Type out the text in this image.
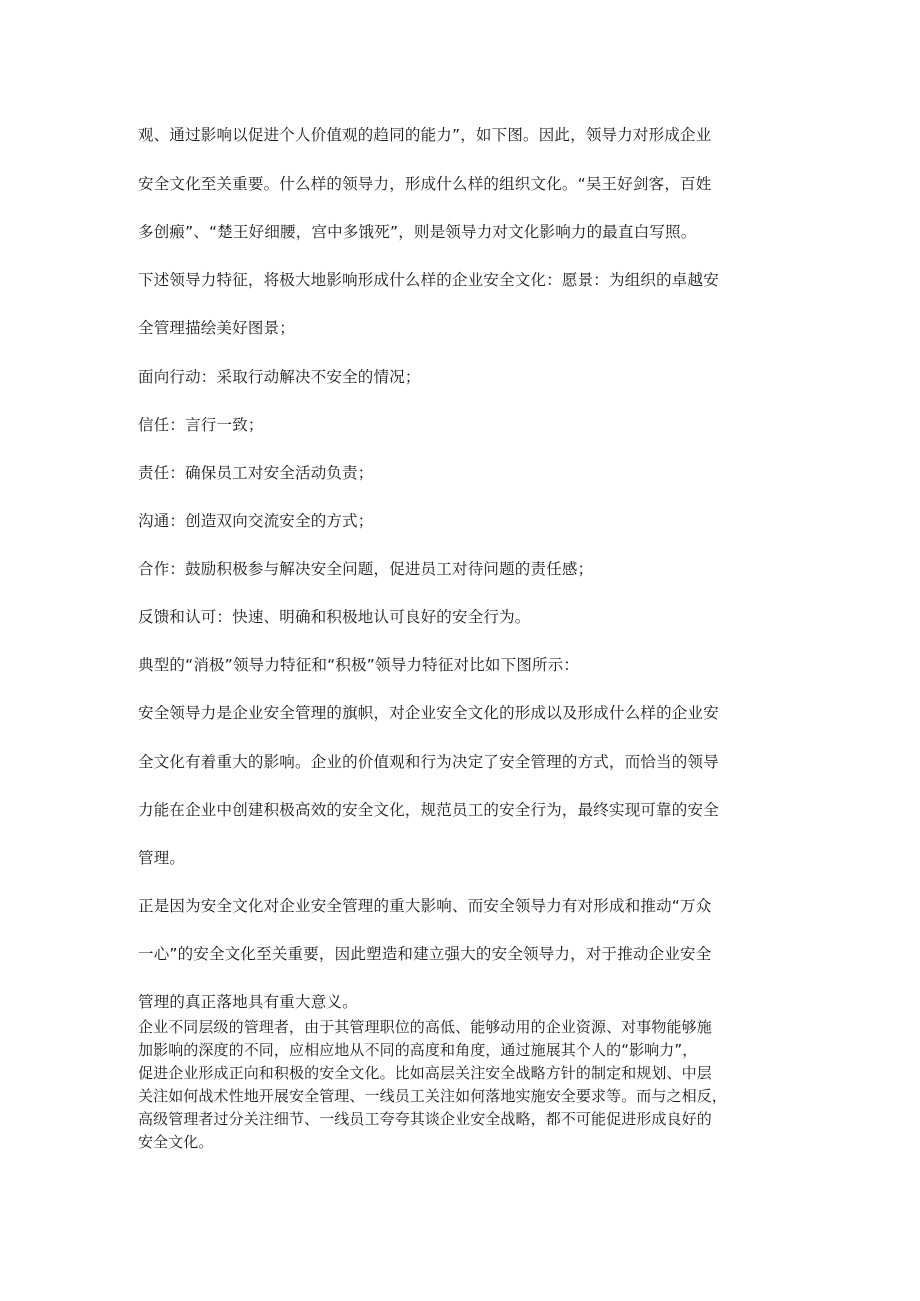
观、通过影响以促进个人价值观的趋同的能力”，如下图。因此，领导力对形成企业
安全文化至关重要。什么样的领导力，形成什么样的组织文化。“吴王好剑客，百姓
多创瘢”、“楚王好细腰，宫中多饿死”，则是领导力对文化影响力的最直白写照。
下述领导力特征，将极大地影响形成什么样的企业安全文化：愿景：为组织的卓越安
全管理描绘美好图景；
面向行动：采取行动解决不安全的情况；
信任：言行一致；
责任：确保员工对安全活动负责；
沟通：创造双向交流安全的方式；
合作：鼓励积极参与解决安全问题，促进员工对待问题的责任感；
反馈和认可：快速、明确和积极地认可良好的安全行为。
典型的“消极”领导力特征和“积极”领导力特征对比如下图所示：
安全领导力是企业安全管理的旗帜，对企业安全文化的形成以及形成什么样的企业安
全文化有着重大的影响。企业的价值观和行为决定了安全管理的方式，而恰当的领导
力能在企业中创建积极高效的安全文化，规范员工的安全行为，最终实现可靠的安全
管理。
正是因为安全文化对企业安全管理的重大影响、而安全领导力有对形成和推动“万众
一心”的安全文化至关重要，因此塑造和建立强大的安全领导力，对于推动企业安全
管理的真正落地具有重大意义。
企业不同层级的管理者，由于其管理职位的高低、能够动用的企业资源、对事物能够施
加影响的深度的不同，应相应地从不同的高度和角度，通过施展其个人的“影响力”，
促进企业形成正向和积极的安全文化。比如高层关注安全战略方针的制定和规划、中层
关注如何战术性地开展安全管理、一线员工关注如何落地实施安全要求等。而与之相反，
高级管理者过分关注细节、一线员工夸夸其谈企业安全战略，都不可能促进形成良好的
安全文化。
